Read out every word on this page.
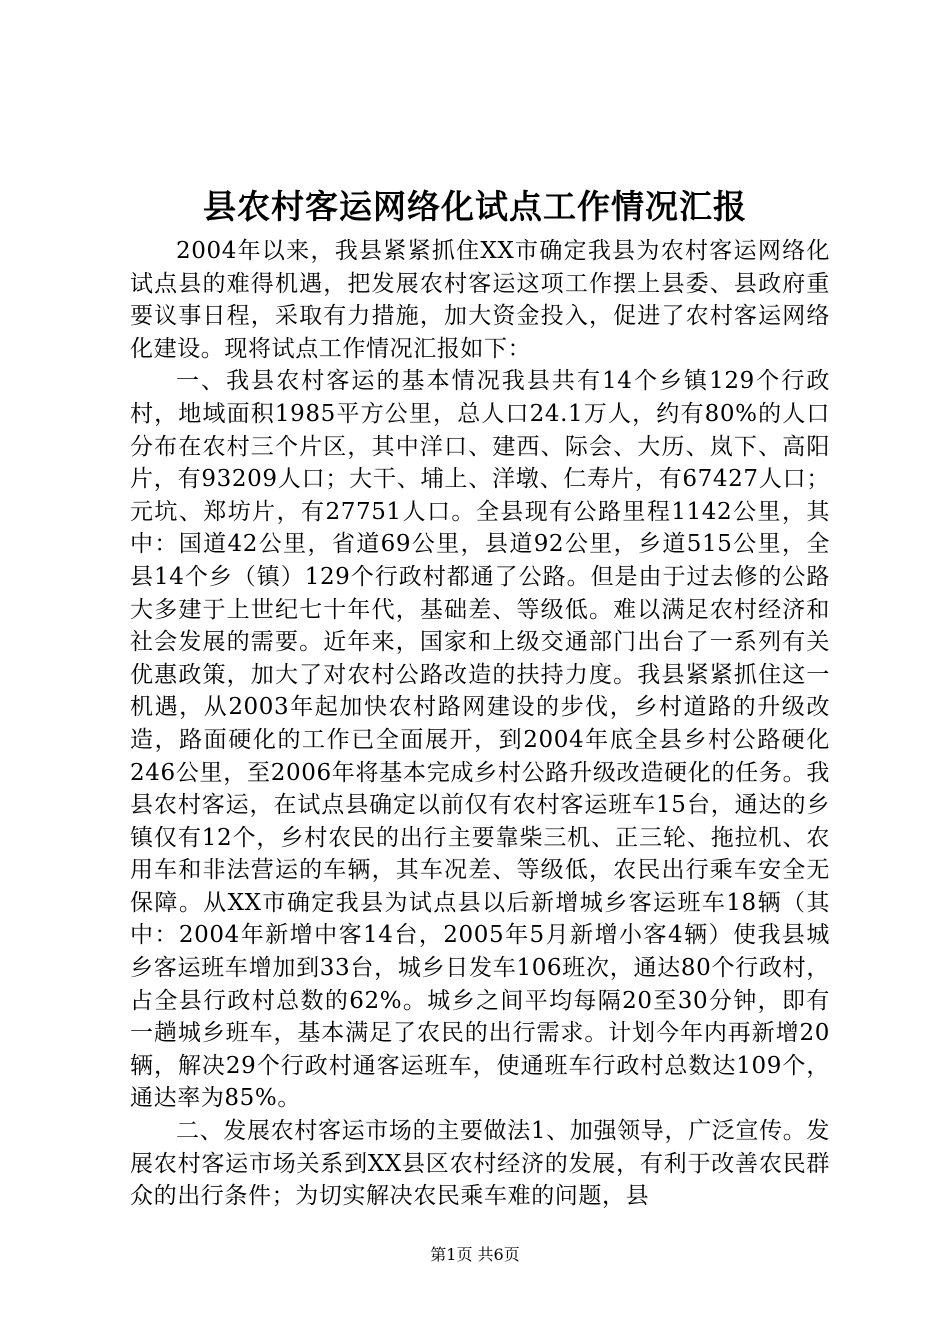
县农村客运网络化试点工作情况汇报

2004年以来，我县紧紧抓住XX市确定我县为农村客运网络化试点县的难得机遇，把发展农村客运这项工作摆上县委、县政府重要议事日程，采取有力措施，加大资金投入，促进了农村客运网络化建设。现将试点工作情况汇报如下：

一、我县农村客运的基本情况我县共有14个乡镇129个行政村，地域面积1985平方公里，总人口24.1万人，约有80%的人口分布在农村三个片区，其中洋口、建西、际会、大历、岚下、高阳片，有93209人口；大干、埔上、洋墩、仁寿片，有67427人口；元坑、郑坊片，有27751人口。全县现有公路里程1142公里，其中：国道42公里，省道69公里，县道92公里，乡道515公里，全县14个乡（镇）129个行政村都通了公路。但是由于过去修的公路大多建于上世纪七十年代，基础差、等级低。难以满足农村经济和社会发展的需要。近年来，国家和上级交通部门出台了一系列有关优惠政策，加大了对农村公路改造的扶持力度。我县紧紧抓住这一机遇，从2003年起加快农村路网建设的步伐，乡村道路的升级改造，路面硬化的工作已全面展开，到2004年底全县乡村公路硬化246公里，至2006年将基本完成乡村公路升级改造硬化的任务。我县农村客运，在试点县确定以前仅有农村客运班车15台，通达的乡镇仅有12个，乡村农民的出行主要靠柴三机、正三轮、拖拉机、农用车和非法营运的车辆，其车况差、等级低，农民出行乘车安全无保障。从XX市确定我县为试点县以后新增城乡客运班车18辆（其中：2004年新增中客14台，2005年5月新增小客4辆）使我县城乡客运班车增加到33台，城乡日发车106班次，通达80个行政村，占全县行政村总数的62%。城乡之间平均每隔20至30分钟，即有一趟城乡班车，基本满足了农民的出行需求。计划今年内再新增20辆，解决29个行政村通客运班车，使通班车行政村总数达109个，通达率为85%。

二、发展农村客运市场的主要做法1、加强领导，广泛宣传。发展农村客运市场关系到XX县区农村经济的发展，有利于改善农民群众的出行条件；为切实解决农民乘车难的问题，县

第1页 共6页
